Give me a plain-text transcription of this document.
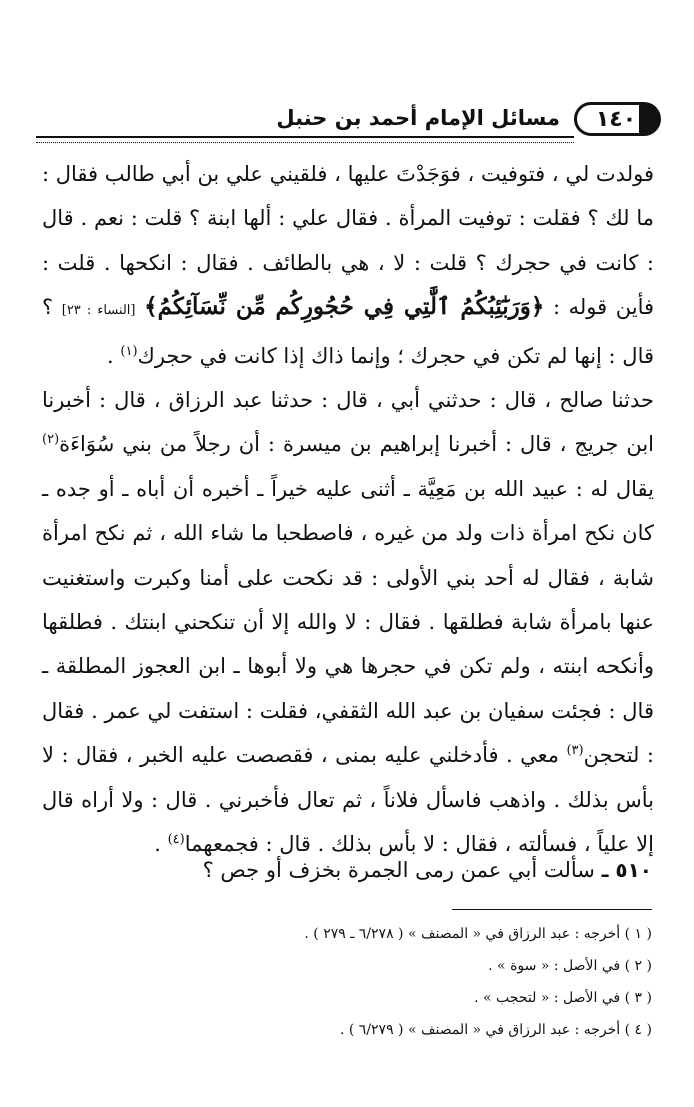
١٤٠
مسائل الإمام أحمد بن حنبل

فولدت لي ، فتوفيت ، فوَجَدْتَ عليها ، فلقيني علي بن أبي طالب فقال : ما لك ؟ فقلت : توفيت المرأة . فقال علي : ألها ابنة ؟ قلت : نعم . قال : كانت في حجرك ؟ قلت : لا ، هي بالطائف . فقال : انكحها . قلت : فأين قوله : ﴿وَرَبَٰٓئِبُكُمُ ٱلَّٰتِي فِي حُجُورِكُم مِّن نِّسَآئِكُمُ﴾ [النساء : ٢٣] ؟ قال : إنها لم تكن في حجرك ؛ وإنما ذاك إذا كانت في حجرك$^{(١)}$ .

حدثنا صالح ، قال : حدثني أبي ، قال : حدثنا عبد الرزاق ، قال : أخبرنا ابن جريج ، قال : أخبرنا إبراهيم بن ميسرة : أن رجلاً من بني سُوَاءَة$^{(٢)}$ يقال له : عبيد الله بن مَعِيَّة ـ أثنى عليه خيراً ـ أخبره أن أباه ـ أو جده ـ كان نكح امرأة ذات ولد من غيره ، فاصطحبا ما شاء الله ، ثم نكح امرأة شابة ، فقال له أحد بني الأولى : قد نكحت على أمنا وكبرت واستغنيت عنها بامرأة شابة فطلقها . فقال : لا والله إلا أن تنكحني ابنتك . فطلقها وأنكحه ابنته ، ولم تكن في حجرها هي ولا أبوها ـ ابن العجوز المطلقة ـ قال : فجئت سفيان بن عبد الله الثقفي، فقلت : استفت لي عمر . فقال : لتحجن$^{(٣)}$ معي . فأدخلني عليه بمنى ، فقصصت عليه الخبر ، فقال : لا بأس بذلك . واذهب فاسأل فلاناً ، ثم تعال فأخبرني . قال : ولا أراه قال إلا علياً ، فسألته ، فقال : لا بأس بذلك . قال : فجمعهما$^{(٤)}$ .

٥١٠ ـ سألت أبي عمن رمى الجمرة بخزف أو جص ؟

( ١ ) أخرجه : عبد الرزاق في « المصنف » ( ٦/٢٧٨ ـ ٢٧٩ ) .

( ٢ ) في الأصل : « سوة » .

( ٣ ) في الأصل : « لتحجب » .

( ٤ ) أخرجه : عبد الرزاق في « المصنف » ( ٦/٢٧٩ ) .
